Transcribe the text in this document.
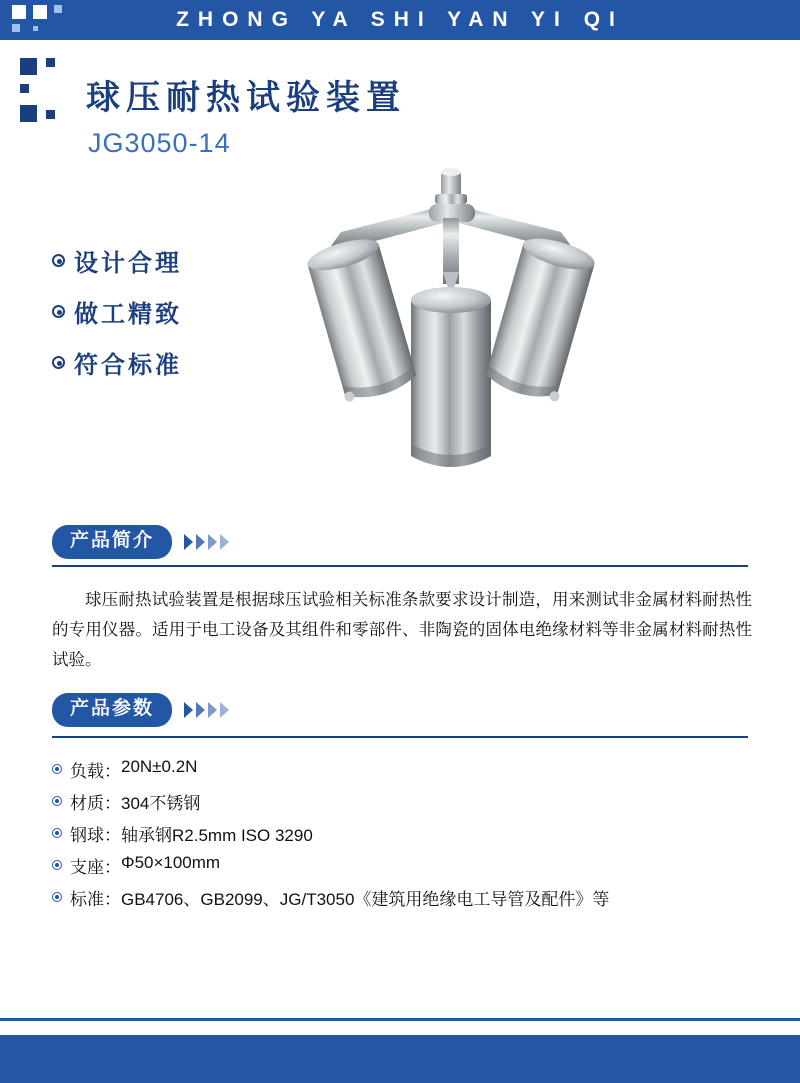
ZHONG YA SHI YAN YI QI
球压耐热试验装置
JG3050-14
设计合理
做工精致
符合标准
产品简介
球压耐热试验装置是根据球压试验相关标准条款要求设计制造，用来测试非金属材料耐热性的专用仪器。适用于电工设备及其组件和零部件、非陶瓷的固体电绝缘材料等非金属材料耐热性试验。
产品参数
负载： 20N±0.2N
材质： 304不锈钢
钢球： 轴承钢R2.5mm ISO 3290
支座： Φ50×100mm
标准： GB4706、GB2099、JG/T3050《建筑用绝缘电工导管及配件》等
